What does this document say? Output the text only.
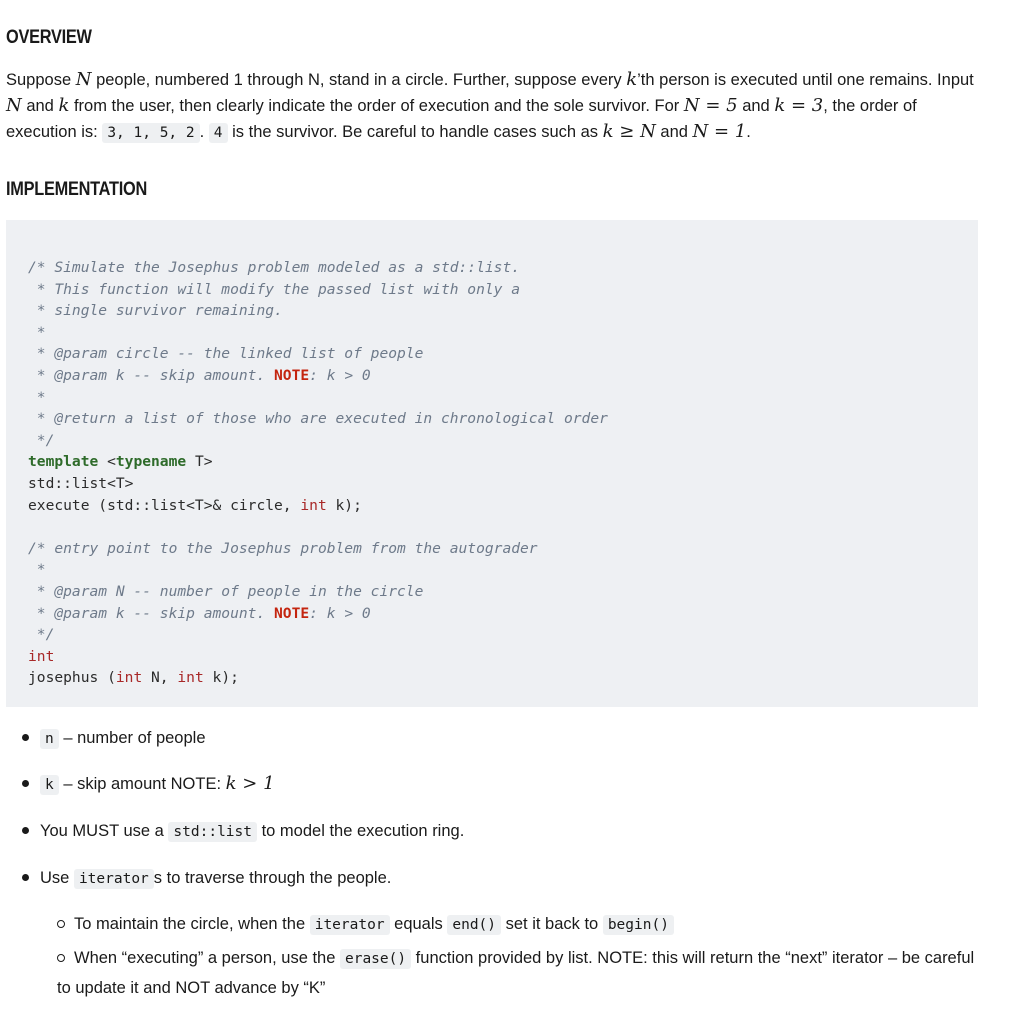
OVERVIEW
Suppose N people, numbered 1 through N, stand in a circle. Further, suppose every k’th person is executed until one remains. Input N and k from the user, then clearly indicate the order of execution and the sole survivor. For N = 5 and k = 3, the order of execution is: 3, 1, 5, 2 . 4 is the survivor. Be careful to handle cases such as k ≥ N and N = 1.
IMPLEMENTATION
/* Simulate the Josephus problem modeled as a std::list.
* This function will modify the passed list with only a
* single survivor remaining.
*
* @param circle -- the linked list of people
* @param k -- skip amount. NOTE: k > 0
*
* @return a list of those who are executed in chronological order
*/
template <typename T>
std::list<T>
execute (std::list<T>& circle, int k);

/* entry point to the Josephus problem from the autograder
*
* @param N -- number of people in the circle
* @param k -- skip amount. NOTE: k > 0
*/
int
josephus (int N, int k);
n – number of people
k – skip amount NOTE: k > 1
You MUST use a std::list to model the execution ring.
Use iterator s to traverse through the people.
To maintain the circle, when the iterator equals end() set it back to begin()
When “executing” a person, use the erase() function provided by list. NOTE: this will return the “next” iterator – be careful to update it and NOT advance by “K”
